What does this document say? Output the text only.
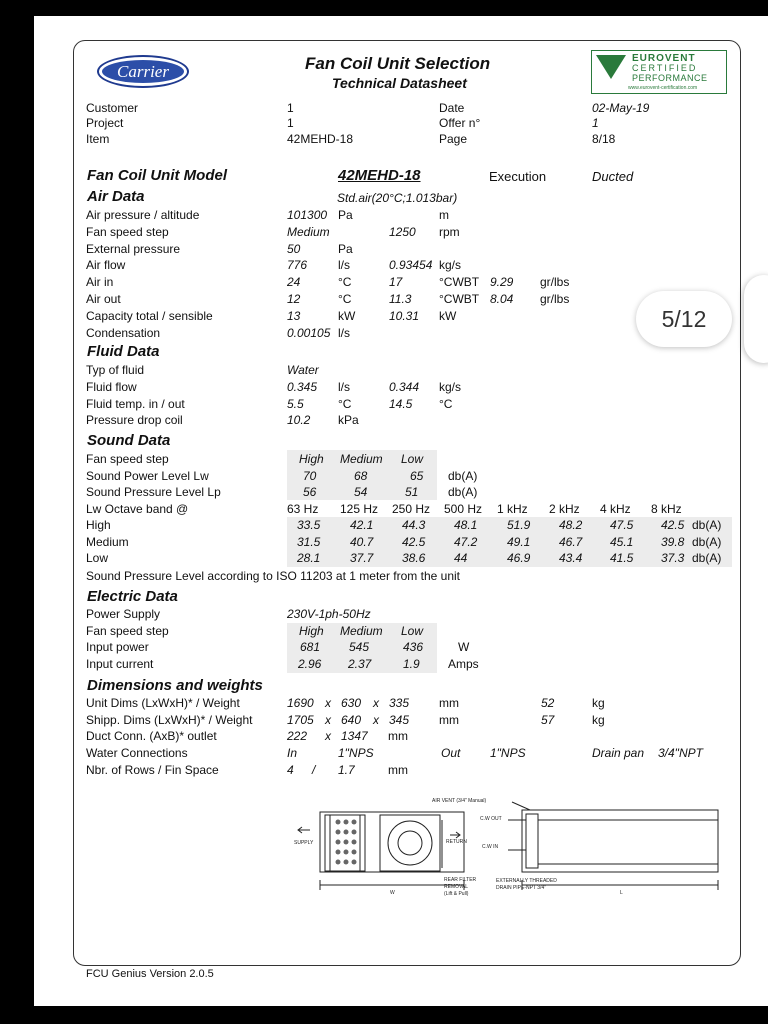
Carrier	Fan Coil Unit Selection
Technical Datasheet
EUROVENT
CERTIFIED
PERFORMANCE
www.eurovent-certification.com
Customer	1
Project	1
Item	42MEHD-18
Date	02-May-19
Offer n°	1
Page	8/18
Fan Coil Unit Model	42MEHD-18	Execution	Ducted
Air Data	Std.air(20°C;1.013bar)
Air pressure / altitude	101300 Pa	m
Fan speed step	Medium	1250 rpm
External pressure	50	Pa
Air flow	776	l/s	0.93454 kg/s
Air in	24	°C	17	°CWBT 9.29 gr/lbs
Air out	12	°C	11.3 °CWBT 8.04 gr/lbs
Capacity total / sensible	13	kW	10.31 kW
Condensation	0.00105 l/s
Fluid Data
Typ of fluid	Water
Fluid flow	0.345 l/s	0.344 kg/s
Fluid temp. in / out	5.5	°C	14.5 °C
Pressure drop coil	10.2 kPa
Sound Data
Fan speed step	High Medium Low
Sound Power Level Lw	70	68	65 db(A)
Sound Pressure Level Lp	56	54	51 db(A)
Lw Octave band @	63 Hz 125 Hz 250 Hz 500 Hz 1 kHz 2 kHz 4 kHz 8 kHz
High	33.5 42.1 44.3 48.1 51.9 48.2 47.5 42.5 db(A)
Medium	31.5 40.7 42.5 47.2 49.1 46.7 45.1 39.8 db(A)
Low	28.1 37.7 38.6 44	46.9 43.4 41.5 37.3 db(A)
Sound Pressure Level according to ISO 11203 at 1 meter from the unit
Electric Data
Power Supply	230V-1ph-50Hz
Fan speed step	High Medium Low
Input power	681 545	436	W
Input current	2.96 2.37	1.9 Amps
Dimensions and weights
Unit Dims (LxWxH)* / Weight	1690 x 630 x 335 mm	52	kg
Shipp. Dims (LxWxH)* / Weight	1705 x 640 x 345 mm	57	kg
Duct Conn. (AxB)* outlet	222 x 1347 mm
Water Connections	In	1"NPS	Out 1"NPS	Drain pan 3/4"NPT
Nbr. of Rows / Fin Space	4 / 1.7	mm
AIR VENT (3/4" Manual)
C.W OUT
C.W IN
SUPPLY	RETURN
REAR FILTER
REMOVAL
(Lift & Pull)
EXTERNALLY THREADED
DRAIN PIPE-NPT 3/4"
W	L
FCU Genius Version 2.0.5
5/12
